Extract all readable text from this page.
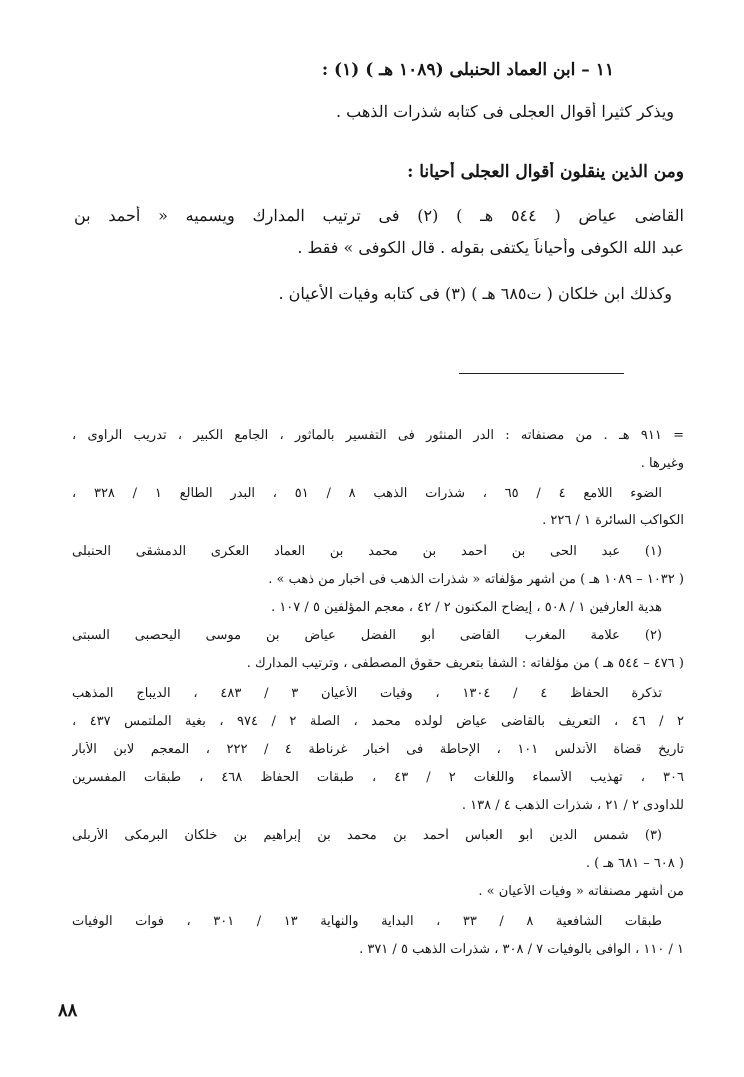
١١ – ابن العماد الحنبلى (١٠٨٩ هـ ) (١) :
ويذكر كثيرا أقوال العجلى فى كتابه شذرات الذهب .
ومن الذين ينقلون أقوال العجلى أحيانا :
القاضى عياض ( ٥٤٤ هـ ) (٢) فى ترتيب المدارك ويسميه « أحمد بن
عبد الله الكوفى وأحياناً يكتفى بقوله . قال الكوفى » فقط .
وكذلك ابن خلكان ( ت٦٨٥ هـ ) (٣) فى كتابه وفيات الأعيان .
= ٩١١ هـ . من مصنفاته : الدر المنثور فى التفسير بالمأثور ، الجامع الكبير ، تدريب الراوى ،
وغيرها .
الضوء اللامع ٤ / ٦٥ ، شذرات الذهب ٨ / ٥١ ، البدر الطالع ١ / ٣٢٨ ،
الكواكب السائرة ١ / ٢٢٦ .
(١) عبد الحى بن أحمد بن محمد بن العماد العكرى الدمشقى الحنبلى
( ١٠٣٢ – ١٠٨٩ هـ ) من أشهر مؤلفاته « شذرات الذهب فى أخبار من ذهب » .
هدية العارفين ١ / ٥٠٨ ، إيضاح المكنون ٢ / ٤٢ ، معجم المؤلفين ٥ / ١٠٧ .
(٢) علامة المغرب القاضى أبو الفضل عياض بن موسى اليحصبى السبتى
( ٤٧٦ – ٥٤٤ هـ ) من مؤلفاته : الشفا بتعريف حقوق المصطفى ، وترتيب المدارك .
تذكرة الحفاظ ٤ / ١٣٠٤ ، وفيات الأعيان ٣ / ٤٨٣ ، الديباج المذهب
٢ / ٤٦ ، التعريف بالقاضى عياض لولده محمد ، الصلة ٢ / ٩٧٤ ، بغية الملتمس ٤٣٧ ،
تاريخ قضاة الأندلس ١٠١ ، الإحاطة فى أخبار غرناطة ٤ / ٢٢٢ ، المعجم لابن الأبار
٣٠٦ ، تهذيب الأسماء واللغات ٢ / ٤٣ ، طبقات الحفاظ ٤٦٨ ، طبقات المفسرين
للداودى ٢ / ٢١ ، شذرات الذهب ٤ / ١٣٨ .
(٣) شمس الدين أبو العباس أحمد بن محمد بن إبراهيم بن خلكان البرمكى الأربلى
( ٦٠٨ – ٦٨١ هـ ) .
من أشهر مصنفاته « وفيات الأعيان » .
طبقات الشافعية ٨ / ٣٣ ، البداية والنهاية ١٣ / ٣٠١ ، فوات الوفيات
١ / ١١٠ ، الوافى بالوفيات ٧ / ٣٠٨ ، شذرات الذهب ٥ / ٣٧١ .
٨٨
